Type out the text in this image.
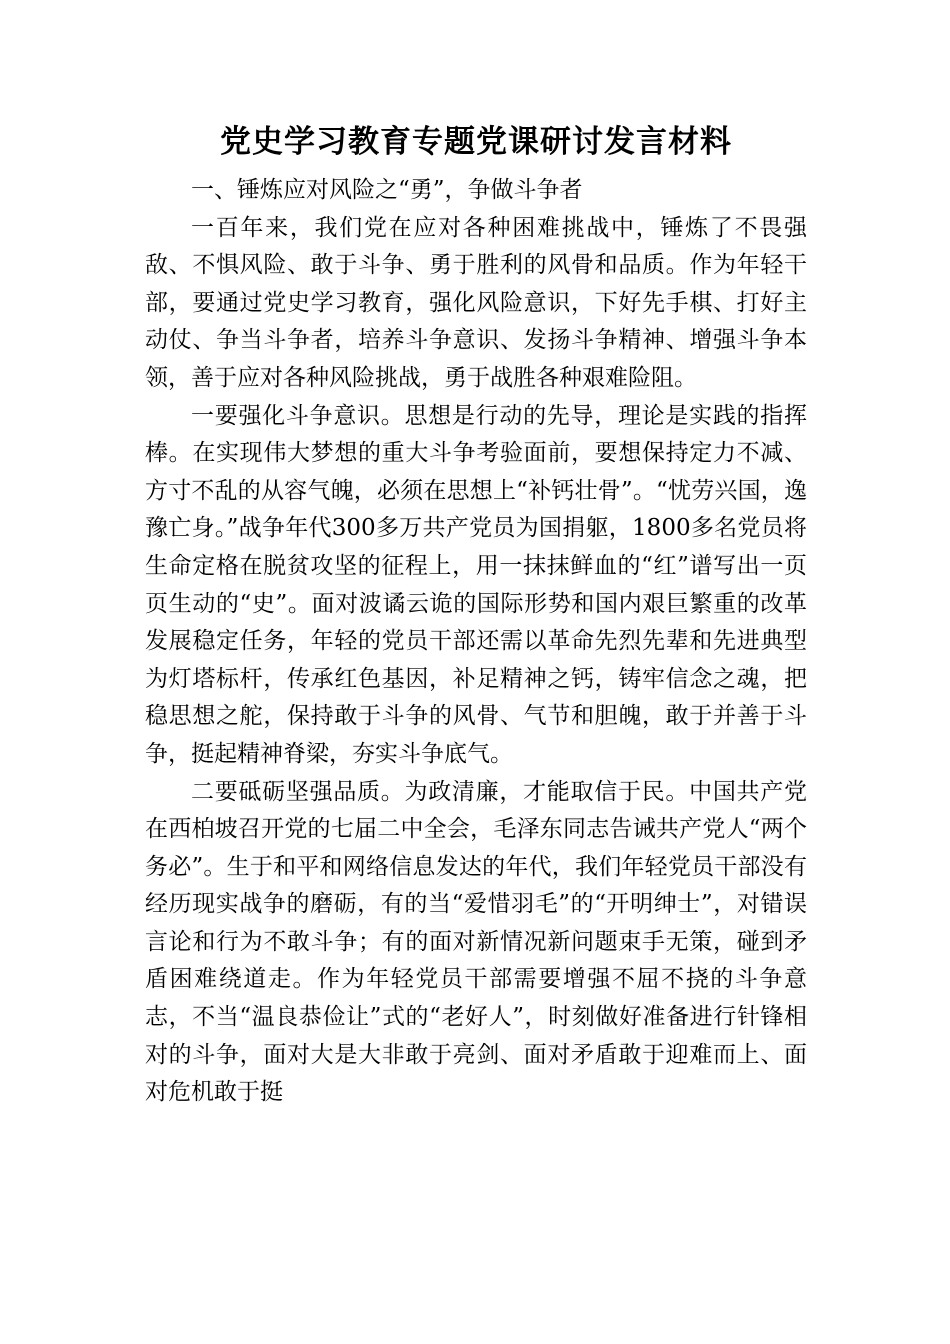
党史学习教育专题党课研讨发言材料

一、锤炼应对风险之“勇”，争做斗争者

一百年来，我们党在应对各种困难挑战中，锤炼了不畏强敌、不惧风险、敢于斗争、勇于胜利的风骨和品质。作为年轻干部，要通过党史学习教育，强化风险意识，下好先手棋、打好主动仗、争当斗争者，培养斗争意识、发扬斗争精神、增强斗争本领，善于应对各种风险挑战，勇于战胜各种艰难险阻。

一要强化斗争意识。思想是行动的先导，理论是实践的指挥棒。在实现伟大梦想的重大斗争考验面前，要想保持定力不减、方寸不乱的从容气魄，必须在思想上“补钙壮骨”。“忧劳兴国，逸豫亡身。”战争年代300多万共产党员为国捐躯，1800多名党员将生命定格在脱贫攻坚的征程上，用一抹抹鲜血的“红”谱写出一页页生动的“史”。面对波谲云诡的国际形势和国内艰巨繁重的改革发展稳定任务，年轻的党员干部还需以革命先烈先辈和先进典型为灯塔标杆，传承红色基因，补足精神之钙，铸牢信念之魂，把稳思想之舵，保持敢于斗争的风骨、气节和胆魄，敢于并善于斗争，挺起精神脊梁，夯实斗争底气。

二要砥砺坚强品质。为政清廉，才能取信于民。中国共产党在西柏坡召开党的七届二中全会，毛泽东同志告诫共产党人“两个务必”。生于和平和网络信息发达的年代，我们年轻党员干部没有经历现实战争的磨砺，有的当“爱惜羽毛”的“开明绅士”，对错误言论和行为不敢斗争；有的面对新情况新问题束手无策，碰到矛盾困难绕道走。作为年轻党员干部需要增强不屈不挠的斗争意志，不当“温良恭俭让”式的“老好人”，时刻做好准备进行针锋相对的斗争，面对大是大非敢于亮剑、面对矛盾敢于迎难而上、面对危机敢于挺
